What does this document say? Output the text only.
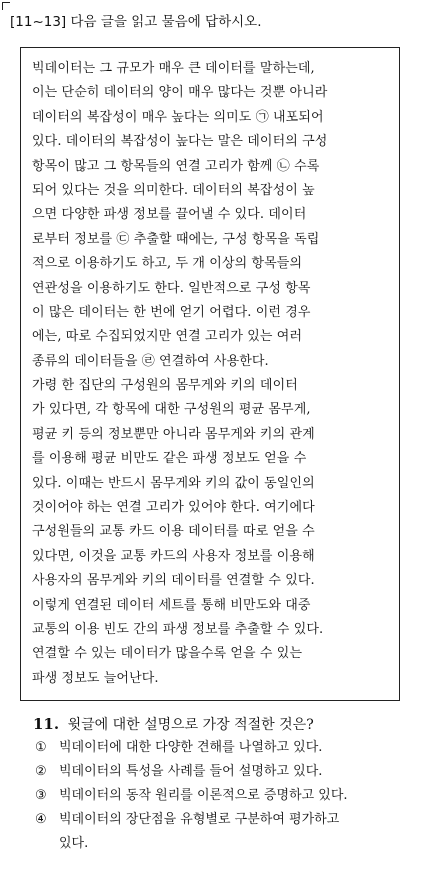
[11~13] 다음 글을 읽고 물음에 답하시오.
빅데이터는 그 규모가 매우 큰 데이터를 말하는데,
이는 단순히 데이터의 양이 매우 많다는 것뿐 아니라
데이터의 복잡성이 매우 높다는 의미도 ㉠ 내포되어
있다. 데이터의 복잡성이 높다는 말은 데이터의 구성
항목이 많고 그 항목들의 연결 고리가 함께 ㉡ 수록
되어 있다는 것을 의미한다. 데이터의 복잡성이 높
으면 다양한 파생 정보를 끌어낼 수 있다. 데이터
로부터 정보를 ㉢ 추출할 때에는, 구성 항목을 독립
적으로 이용하기도 하고, 두 개 이상의 항목들의
연관성을 이용하기도 한다. 일반적으로 구성 항목
이 많은 데이터는 한 번에 얻기 어렵다. 이런 경우
에는, 따로 수집되었지만 연결 고리가 있는 여러
종류의 데이터들을 ㉣ 연결하여 사용한다.
가령 한 집단의 구성원의 몸무게와 키의 데이터
가 있다면, 각 항목에 대한 구성원의 평균 몸무게,
평균 키 등의 정보뿐만 아니라 몸무게와 키의 관계
를 이용해 평균 비만도 같은 파생 정보도 얻을 수
있다. 이때는 반드시 몸무게와 키의 값이 동일인의
것이어야 하는 연결 고리가 있어야 한다. 여기에다
구성원들의 교통 카드 이용 데이터를 따로 얻을 수
있다면, 이것을 교통 카드의 사용자 정보를 이용해
사용자의 몸무게와 키의 데이터를 연결할 수 있다.
이렇게 연결된 데이터 세트를 통해 비만도와 대중
교통의 이용 빈도 간의 파생 정보를 추출할 수 있다.
연결할 수 있는 데이터가 많을수록 얻을 수 있는
파생 정보도 늘어난다.
11. 윗글에 대한 설명으로 가장 적절한 것은?
① 빅데이터에 대한 다양한 견해를 나열하고 있다.
② 빅데이터의 특성을 사례를 들어 설명하고 있다.
③ 빅데이터의 동작 원리를 이론적으로 증명하고 있다.
④ 빅데이터의 장단점을 유형별로 구분하여 평가하고
있다.
